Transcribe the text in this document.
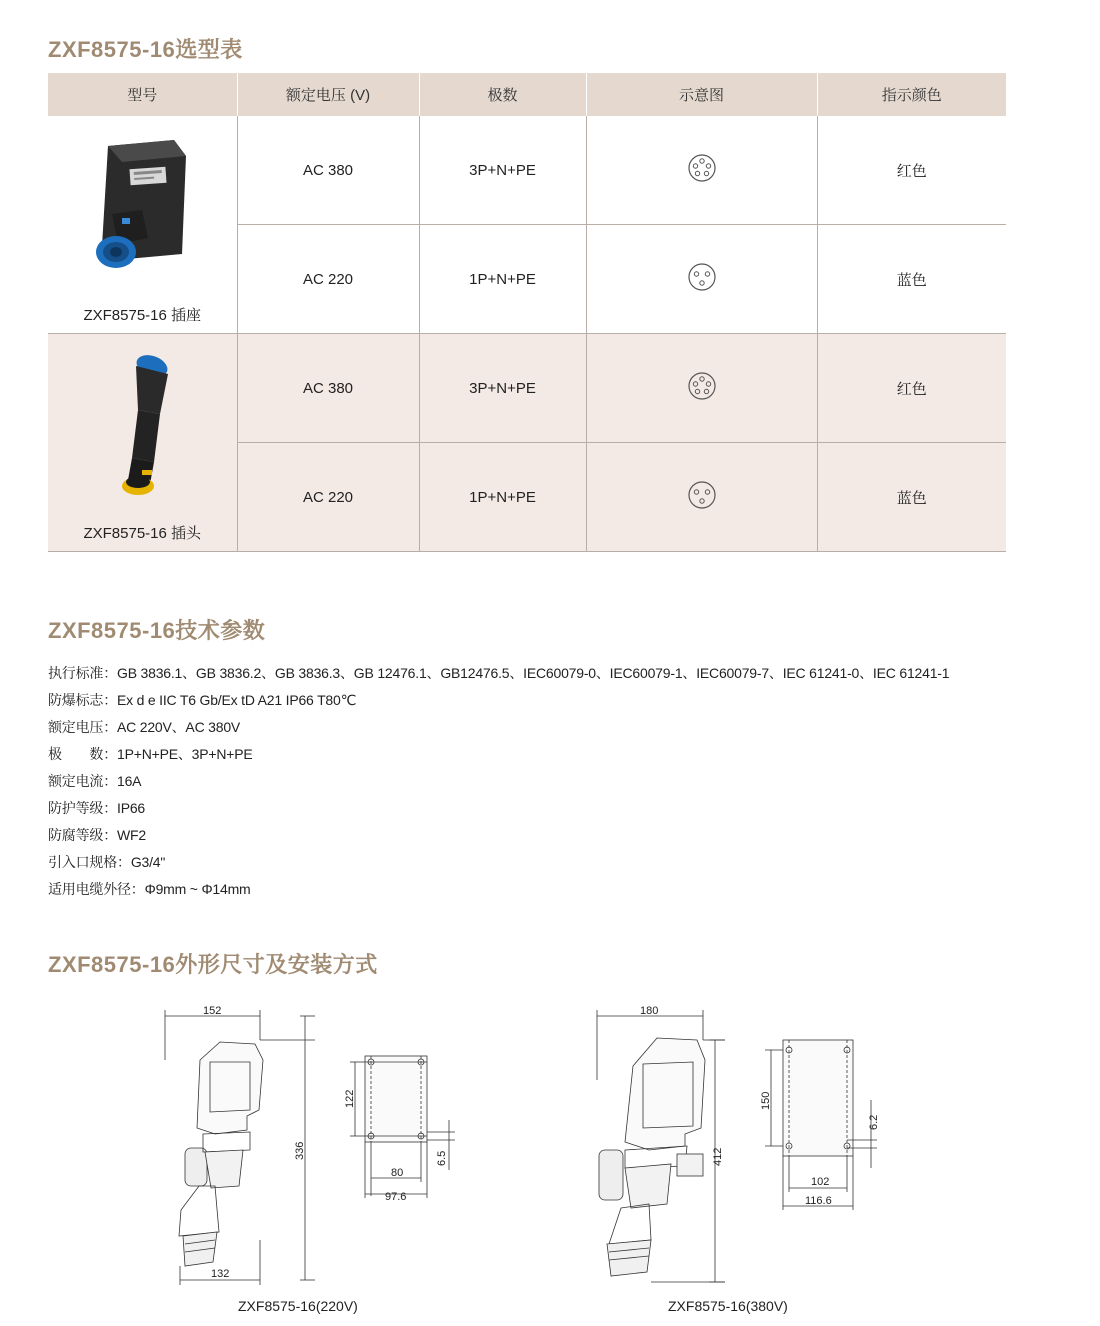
ZXF8575-16选型表
型号	额定电压 (V)	极数	示意图	指示颜色

ZXF8575-16 插座	AC 380	3P+N+PE		红色
	AC 220	1P+N+PE		蓝色

ZXF8575-16 插头	AC 380	3P+N+PE		红色
	AC 220	1P+N+PE		蓝色
ZXF8575-16技术参数
执行标准：GB 3836.1、GB 3836.2、GB 3836.3、GB 12476.1、GB12476.5、IEC60079-0、IEC60079-1、IEC60079-7、IEC 61241-0、IEC 61241-1
防爆标志：Ex d e IIC T6 Gb/Ex tD A21 IP66 T80℃
额定电压：AC 220V、AC 380V
极　　数：1P+N+PE、3P+N+PE
额定电流：16A
防护等级：IP66
防腐等级：WF2
引入口规格：G3/4"
适用电缆外径：Φ9mm ~ Φ14mm
ZXF8575-16外形尺寸及安装方式
152
336
132
122
80
97.6
6.5
ZXF8575-16(220V)
180
412
150
102
116.6
6.2
ZXF8575-16(380V)
